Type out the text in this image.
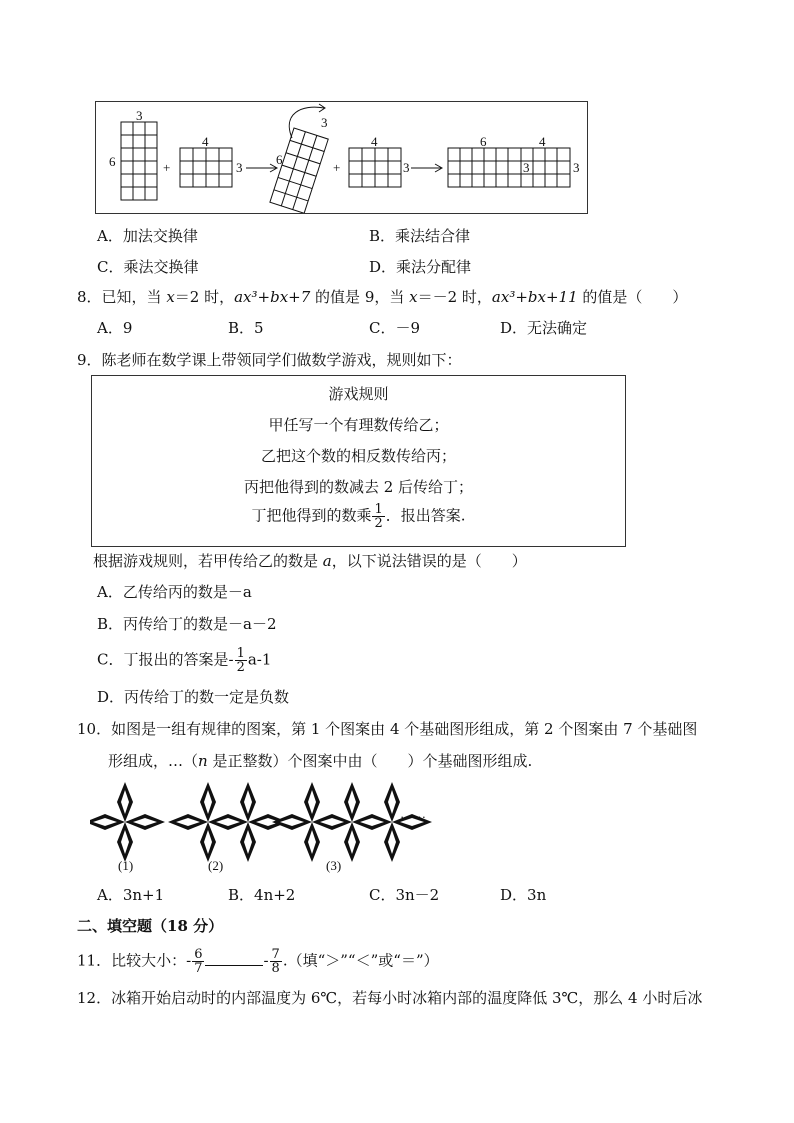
3
6	+
4
3
3
6
+
4
3
6	4
3	3
A．加法交换律	B．乘法结合律
C．乘法交换律	D．乘法分配律
8．已知，当 x＝2 时，ax³+bx+7 的值是 9，当 x＝－2 时，ax³+bx+11 的值是（　　）
A．9	B．5	C．－9	D．无法确定
9．陈老师在数学课上带领同学们做数学游戏，规则如下：
游戏规则
甲任写一个有理数传给乙；
乙把这个数的相反数传给丙；
丙把他得到的数减去 2 后传给丁；
丁把他得到的数乘 $\frac{1}{2}$ ．报出答案.
根据游戏规则，若甲传给乙的数是 a，以下说法错误的是（　　）
A．乙传给丙的数是－a
B．丙传给丁的数是－a－2
C．丁报出的答案是- $\frac{1}{2} a-1$
D．丙传给丁的数一定是负数
10．如图是一组有规律的图案，第 1 个图案由 4 个基础图形组成，第 2 个图案由 7 个基础图
形组成，…（n 是正整数）个图案中由（　　）个基础图形组成.
……
(1)	(2)	(3)
A．3n+1	B．4n+2	C．3n－2	D．3n
二、填空题（18 分）
11．比较大小：- $\frac{6}{7}$	- $\frac{7}{8}$ .（填“＞”“＜”或“＝”）
12．冰箱开始启动时的内部温度为 6℃，若每小时冰箱内部的温度降低 3℃，那么 4 小时后冰
